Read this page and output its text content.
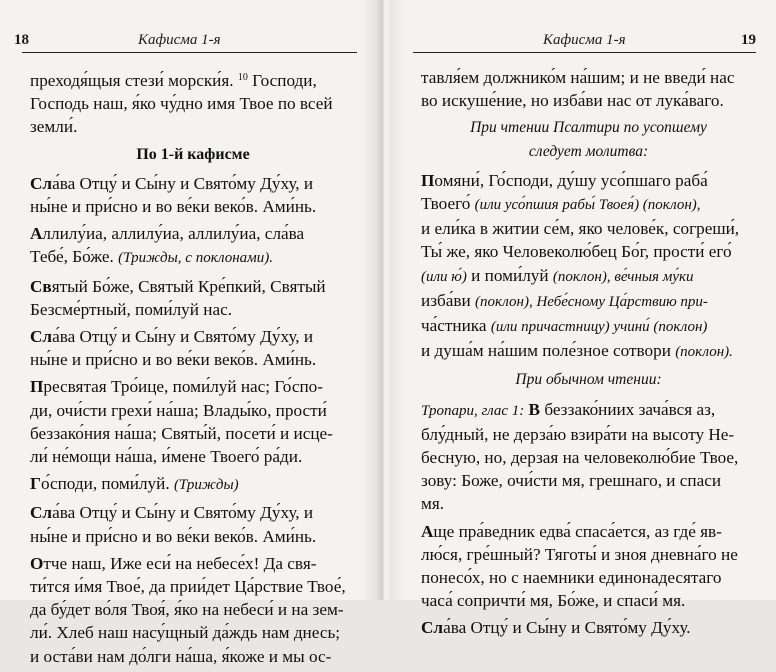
18	Кафисма 1-я

преходя́щыя стези́ морски́я. $^{10}$ Господи,
Господь наш, я́ко чу́дно имя Твое по всей
земли́.

По 1-й кафисме

Сла́ва Отцу́ и Сы́ну и Свято́му Ду́ху, и
ны́не и при́сно и во ве́ки веко́в. Ами́нь.

Аллилу́иа, аллилу́иа, аллилу́иа, сла́ва
Тебе́, Бо́же. (Трижды, с поклонами).

Святый Бо́же, Святый Кре́пкий, Святый
Безсме́ртный, поми́луй нас.

Сла́ва Отцу́ и Сы́ну и Свято́му Ду́ху, и
ны́не и при́сно и во ве́ки веко́в. Ами́нь.

Пресвятая Тро́ице, поми́луй нас; Го́спо-
ди, очи́сти грехи́ на́ша; Влады́ко, прости́
беззако́ния на́ша; Святы́й, посети́ и исце-
ли́ не́мощи на́ша, и́мене Твоего́ ра́ди.

Го́споди, поми́луй. (Трижды)

Сла́ва Отцу́ и Сы́ну и Свято́му Ду́ху, и
ны́не и при́сно и во ве́ки веко́в. Ами́нь.

Отче наш, Иже еси́ на небесе́х! Да свя-
ти́тся и́мя Твое́, да прии́дет Ца́рствие Твое́,
да бу́дет во́ля Твоя́, я́ко на небеси́ и на зем-
ли́. Хлеб наш насу́щный да́ждь нам днесь;
и оста́ви нам до́лги на́ша, я́коже и мы ос-

Кафисма 1-я	19

тавля́ем должнико́м на́шим; и не введи́ нас
во искуше́ние, но изба́ви нас от лука́ваго.

При чтении Псалтири по усопшему
следует молитва:

Помяни́, Го́споди, ду́шу усо́пшаго раба́
Твоего́ (или усо́пшия рабы́ Твоея́) (поклон),
и ели́ка в житии се́м, яко челове́к, согреши́,
Ты́ же, яко Человеколю́бец Бо́г, прости́ его́
(или ю́) и поми́луй (поклон), ве́чныя му́ки
изба́ви (поклон), Небе́сному Ца́рствию при-
ча́стника (или причастницу) учини́ (поклон)
и душа́м на́шим поле́зное сотвори (поклон).

При обычном чтении:

Тропари, глас 1: В беззако́ниих зача́вся аз,
блу́дный, не дерза́ю взира́ти на высоту Не-
бесную, но, дерзая на человеколю́бие Твое,
зову: Боже, очи́сти мя, грешнаго, и спаси
мя.

Аще пра́ведник едва́ спаса́ется, аз где́ яв-
лю́ся, гре́шный? Тяготы́ и зноя дневна́го не
понесо́х, но с наемники единонадесятаго
часа́ сопричти́ мя, Бо́же, и спаси́ мя.

Сла́ва Отцу́ и Сы́ну и Свято́му Ду́ху.
